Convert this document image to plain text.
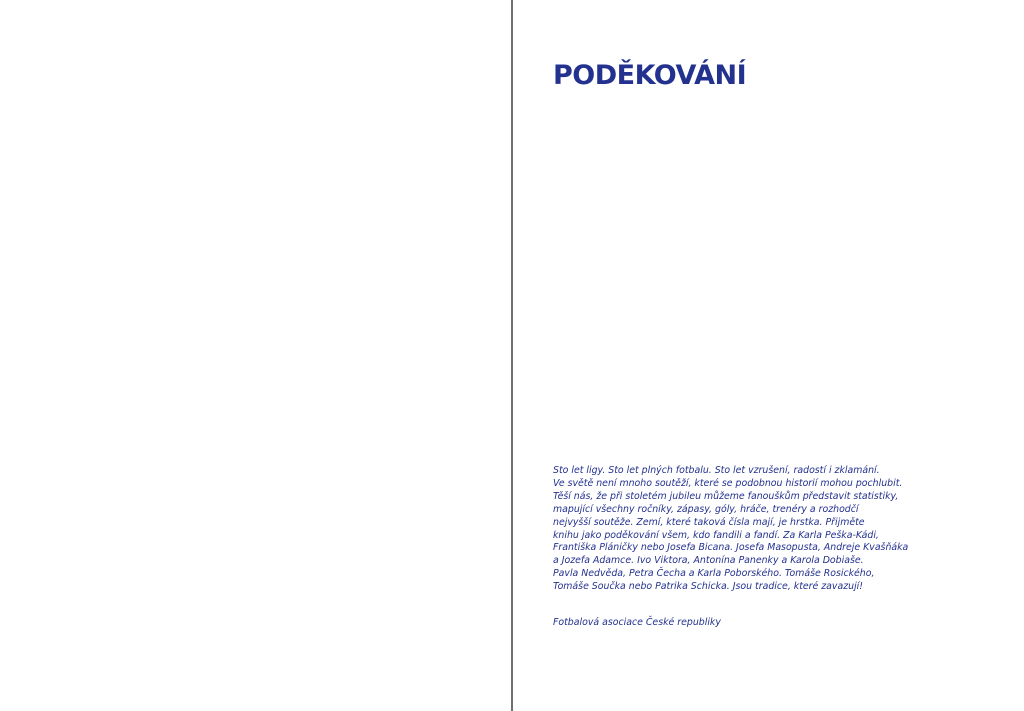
PODĚKOVÁNÍ
Sto let ligy. Sto let plných fotbalu. Sto let vzrušení, radostí i zklamání.
Ve světě není mnoho soutěží, které se podobnou historií mohou pochlubit.
Těší nás, že při stoletém jubileu můžeme fanouškům představit statistiky,
mapující všechny ročníky, zápasy, góly, hráče, trenéry a rozhodčí
nejvyšší soutěže. Zemí, které taková čísla mají, je hrstka. Přijměte
knihu jako poděkování všem, kdo fandili a fandí. Za Karla Peška-Kádi,
Františka Pláničky nebo Josefa Bicana. Josefa Masopusta, Andreje Kvašňáka
a Jozefa Adamce. Ivo Viktora, Antonína Panenky a Karola Dobiaše.
Pavla Nedvěda, Petra Čecha a Karla Poborského. Tomáše Rosického,
Tomáše Součka nebo Patrika Schicka. Jsou tradice, které zavazují!
Fotbalová asociace České republiky
